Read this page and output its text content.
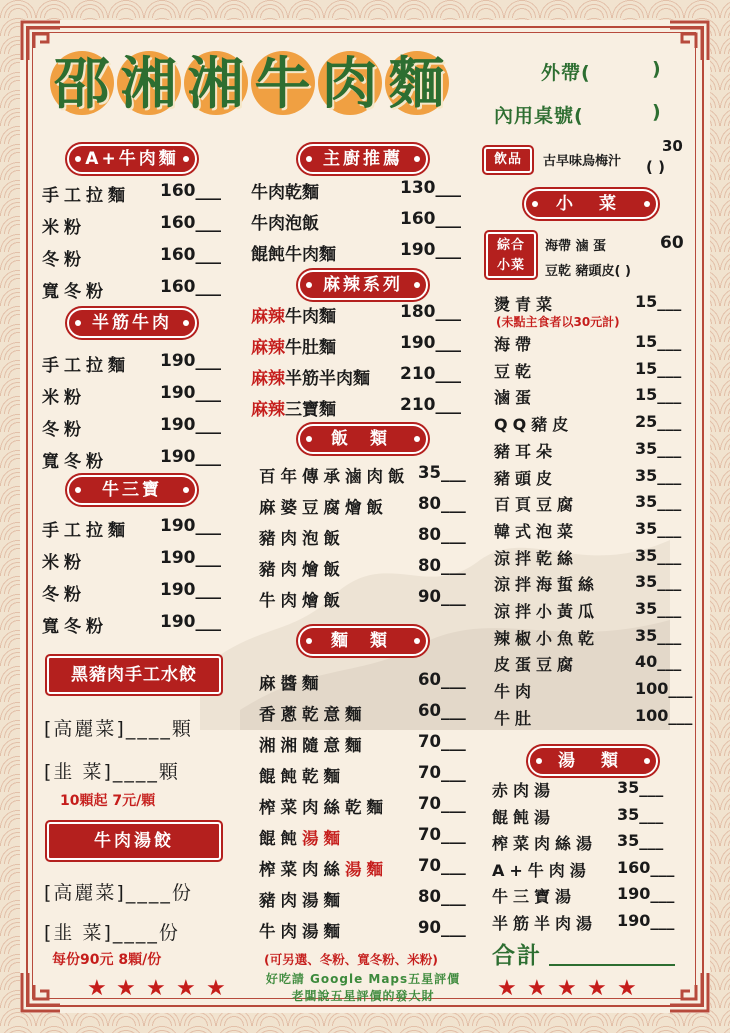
邵 湘 湘 牛 肉 麵	外帶(	)
內用桌號(	)
A+牛肉麵
手工拉麵 160___
米粉	160___
冬粉	160___
寬冬粉	160___
半筋牛肉
手工拉麵 190___
米粉	190___
冬粉	190___
寬冬粉	190___
牛三寶
手工拉麵 190___
米粉	190___
冬粉	190___
寬冬粉	190___
黑豬肉手工水餃
[高麗菜]____顆
[韭 菜]____顆
10顆起 7元/顆
牛肉湯餃
[高麗菜]____份
[韭 菜]____份
每份90元 8顆/份
主廚推薦
牛肉乾麵	130___
牛肉泡飯	160___
餛飩牛肉麵	190___
麻辣系列
麻辣牛肉麵	180___
麻辣牛肚麵	190___
麻辣半筋半肉麵 210___
麻辣三寶麵	210___
飯 類
百年傳承滷肉飯 35___
麻婆豆腐燴飯 80___
豬肉泡飯	80___
豬肉燴飯	80___
牛肉燴飯	90___
麵 類
麻醬麵	60___
香蔥乾意麵	60___
湘湘隨意麵	70___
餛飩乾麵	70___
榨菜肉絲乾麵 70___
餛飩湯麵	70___
榨菜肉絲湯麵 70___
豬肉湯麵	80___
牛肉湯麵	90___
(可另選、冬粉、寬冬粉、米粉)
飲品	古早味烏梅汁
30
( )
小 菜
綜合
小菜
海帶 滷 蛋	60
豆乾 豬頭皮( )
燙青菜	15___
海帶	15___
豆乾	15___
滷蛋	15___
QQ豬皮	25___
豬耳朵	35___
豬頭皮	35___
百頁豆腐	35___
韓式泡菜	35___
涼拌乾絲	35___
涼拌海蜇絲 35___
涼拌小黃瓜 35___
辣椒小魚乾 35___
皮蛋豆腐	40___
牛肉	100___
牛肚	100___
(未點主食者以30元計)
湯 類
赤肉湯	35___
餛飩湯	35___
榨菜肉絲湯 35___
A+牛肉湯 160___
牛三寶湯	190___
半筋半肉湯 190___
合計
好吃請 Google Maps五星評價
老闆說五星評價的發大財
★ ★ ★ ★ ★	★ ★ ★ ★ ★
